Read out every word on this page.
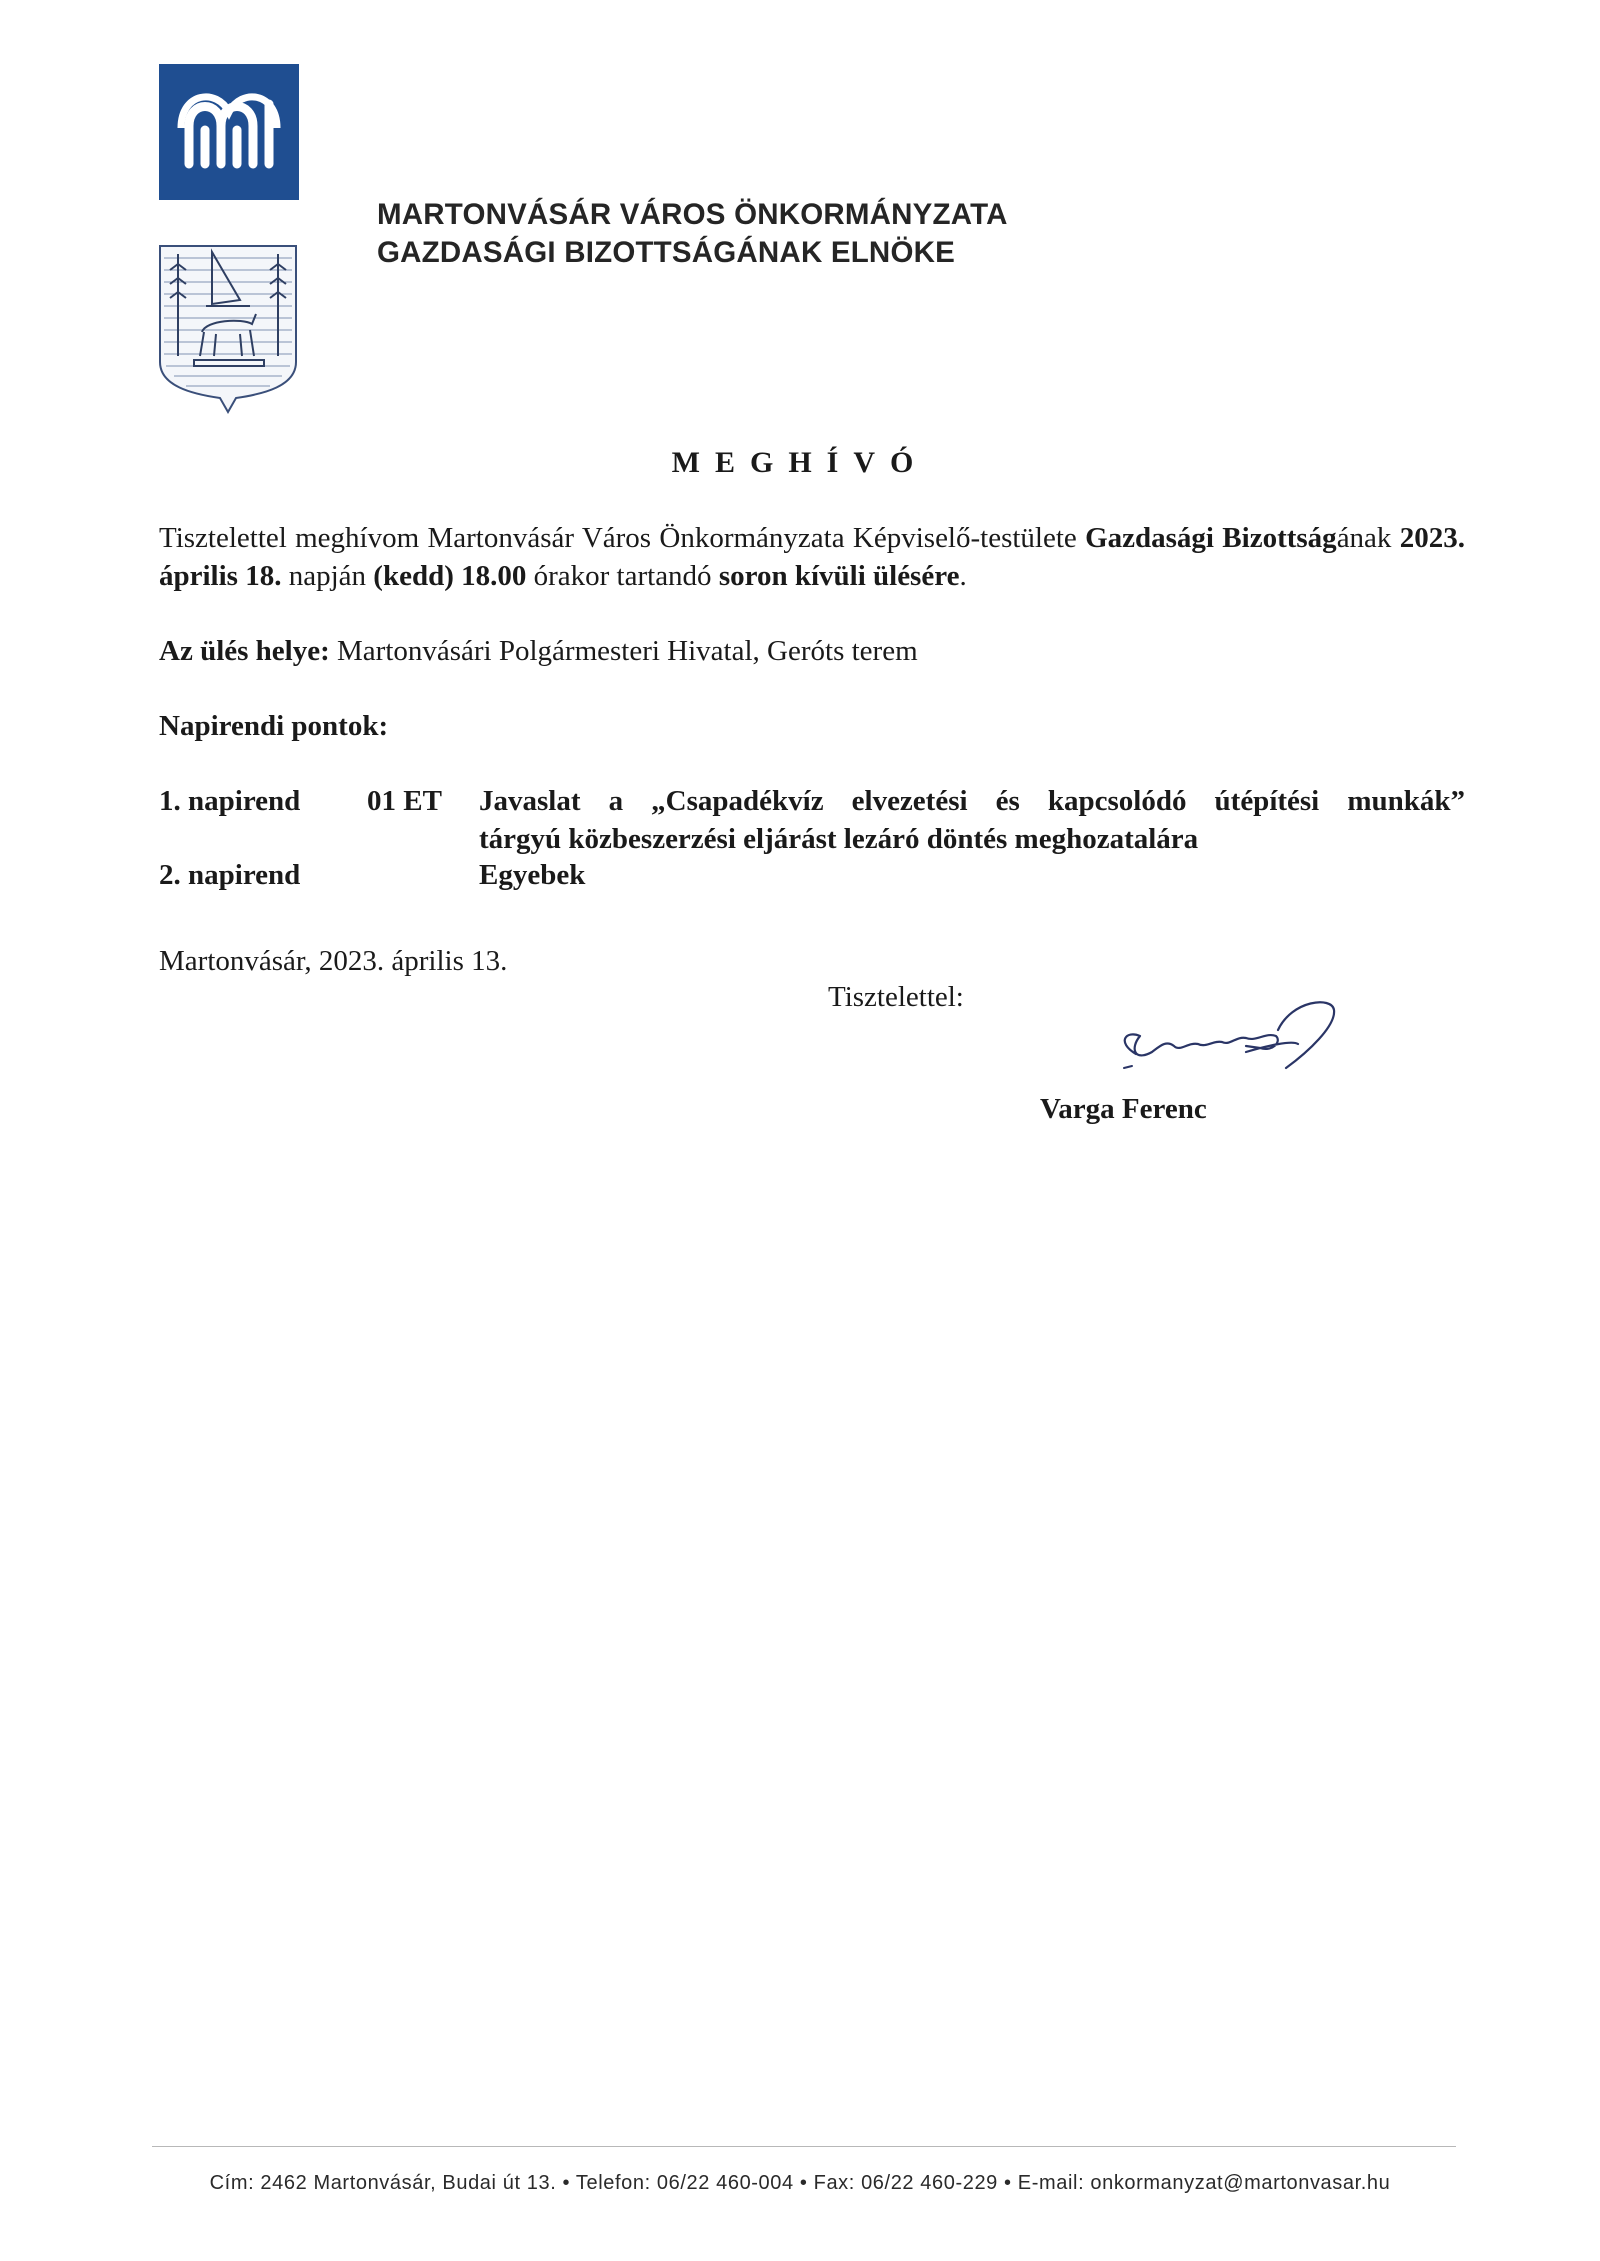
MARTONVÁSÁR VÁROS ÖNKORMÁNYZATA
GAZDASÁGI BIZOTTSÁGÁNAK ELNÖKE
MEGHÍVÓ
Tisztelettel meghívom Martonvásár Város Önkormányzata Képviselő-testülete Gazdasági Bizottságának 2023. április 18. napján (kedd) 18.00 órakor tartandó soron kívüli ülésére.
Az ülés helye: Martonvásári Polgármesteri Hivatal, Geróts terem
Napirendi pontok:
1. napirend 01 ET Javaslat a „Csapadékvíz elvezetési és kapcsolódó útépítési munkák”
tárgyú közbeszerzési eljárást lezáró döntés meghozatalára
2. napirend	Egyebek
Martonvásár, 2023. április 13.
Tisztelettel:
Varga Ferenc
Cím: 2462 Martonvásár, Budai út 13. • Telefon: 06/22 460-004 • Fax: 06/22 460-229 • E-mail: onkormanyzat@martonvasar.hu
